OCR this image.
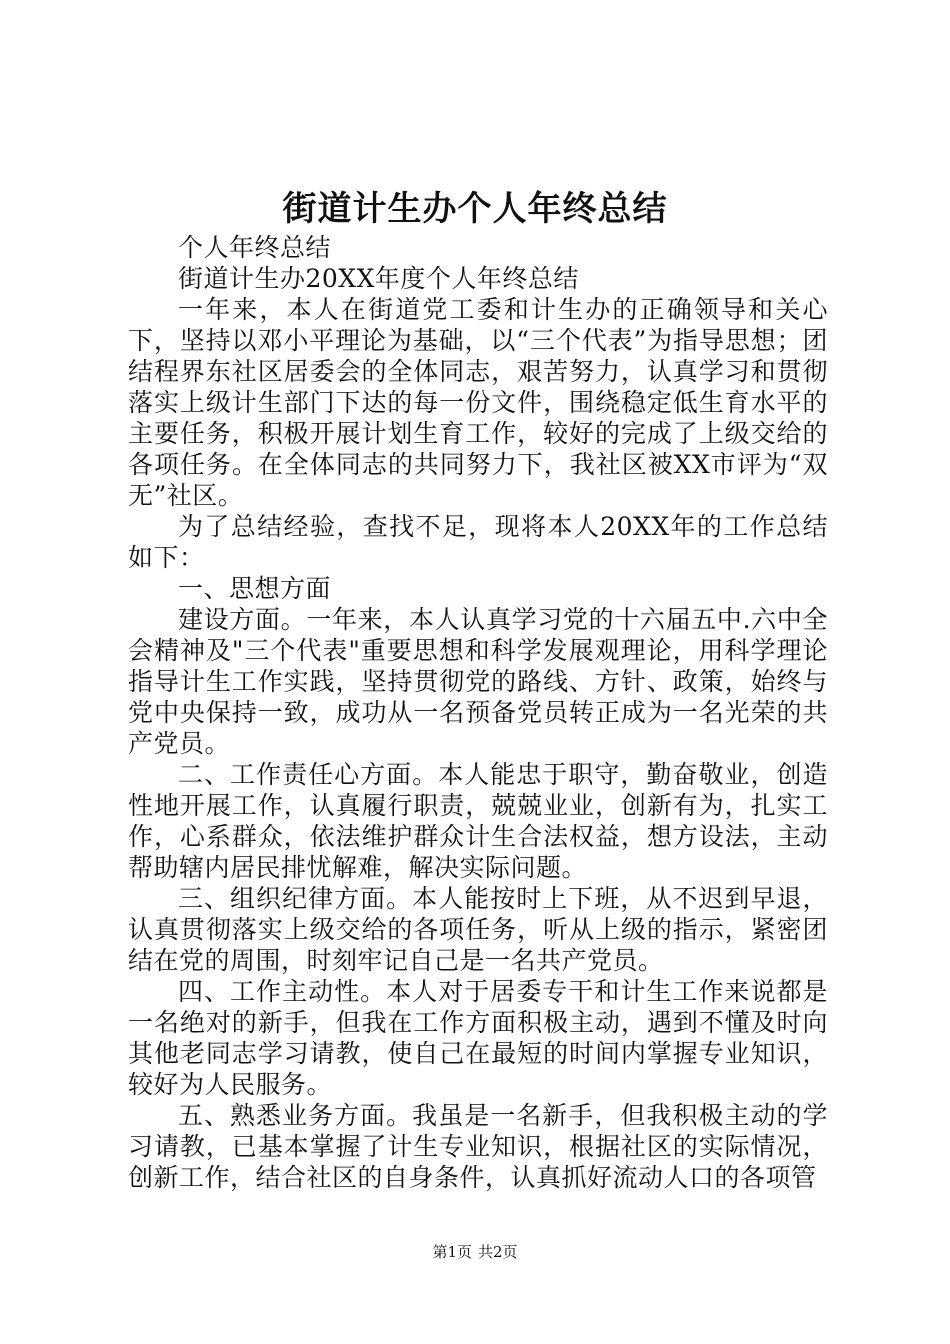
街道计生办个人年终总结

个人年终总结

街道计生办20XX年度个人年终总结

一年来，本人在街道党工委和计生办的正确领导和关心下，坚持以邓小平理论为基础，以“三个代表”为指导思想；团结程界东社区居委会的全体同志，艰苦努力，认真学习和贯彻落实上级计生部门下达的每一份文件，围绕稳定低生育水平的主要任务，积极开展计划生育工作，较好的完成了上级交给的各项任务。在全体同志的共同努力下，我社区被XX市评为“双无”社区。

为了总结经验，查找不足，现将本人20XX年的工作总结如下：

一、思想方面

建设方面。一年来，本人认真学习党的十六届五中.六中全会精神及"三个代表"重要思想和科学发展观理论，用科学理论指导计生工作实践，坚持贯彻党的路线、方针、政策，始终与党中央保持一致，成功从一名预备党员转正成为一名光荣的共产党员。

二、工作责任心方面。本人能忠于职守，勤奋敬业，创造性地开展工作，认真履行职责，兢兢业业，创新有为，扎实工作，心系群众，依法维护群众计生合法权益，想方设法，主动帮助辖内居民排忧解难，解决实际问题。

三、组织纪律方面。本人能按时上下班，从不迟到早退，认真贯彻落实上级交给的各项任务，听从上级的指示，紧密团结在党的周围，时刻牢记自己是一名共产党员。

四、工作主动性。本人对于居委专干和计生工作来说都是一名绝对的新手，但我在工作方面积极主动，遇到不懂及时向其他老同志学习请教，使自己在最短的时间内掌握专业知识，较好为人民服务。

五、熟悉业务方面。我虽是一名新手，但我积极主动的学习请教，已基本掌握了计生专业知识，根据社区的实际情况，创新工作，结合社区的自身条件，认真抓好流动人口的各项管

第1页 共2页
